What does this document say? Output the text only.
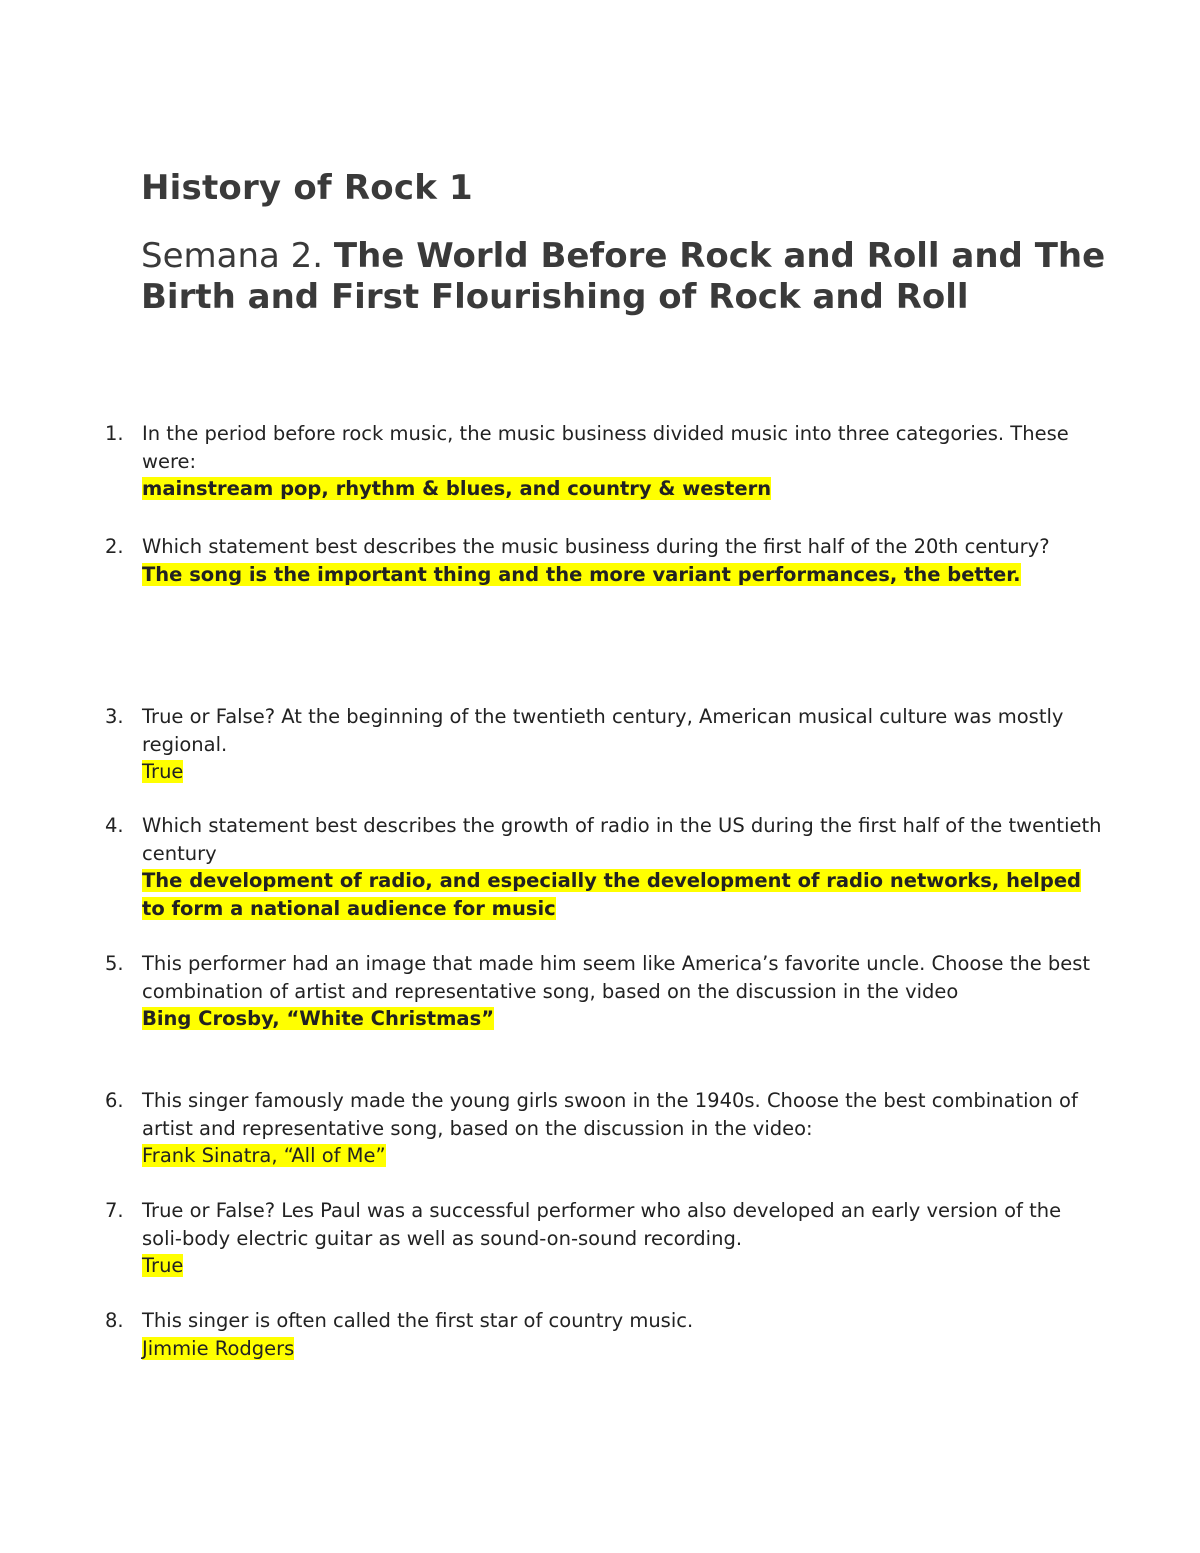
History of Rock 1
Semana 2. The World Before Rock and Roll and The Birth and First Flourishing of Rock and Roll
1. In the period before rock music, the music business divided music into three categories. These were:
mainstream pop, rhythm & blues, and country & western
2. Which statement best describes the music business during the first half of the 20th century?
The song is the important thing and the more variant performances, the better.
3. True or False? At the beginning of the twentieth century, American musical culture was mostly regional.
True
4. Which statement best describes the growth of radio in the US during the first half of the twentieth century
The development of radio, and especially the development of radio networks, helped to form a national audience for music
5. This performer had an image that made him seem like America’s favorite uncle. Choose the best combination of artist and representative song, based on the discussion in the video
Bing Crosby, “White Christmas”
6. This singer famously made the young girls swoon in the 1940s. Choose the best combination of artist and representative song, based on the discussion in the video:
Frank Sinatra, “All of Me”
7. True or False? Les Paul was a successful performer who also developed an early version of the soli-body electric guitar as well as sound-on-sound recording.
True
8. This singer is often called the first star of country music.
Jimmie Rodgers
